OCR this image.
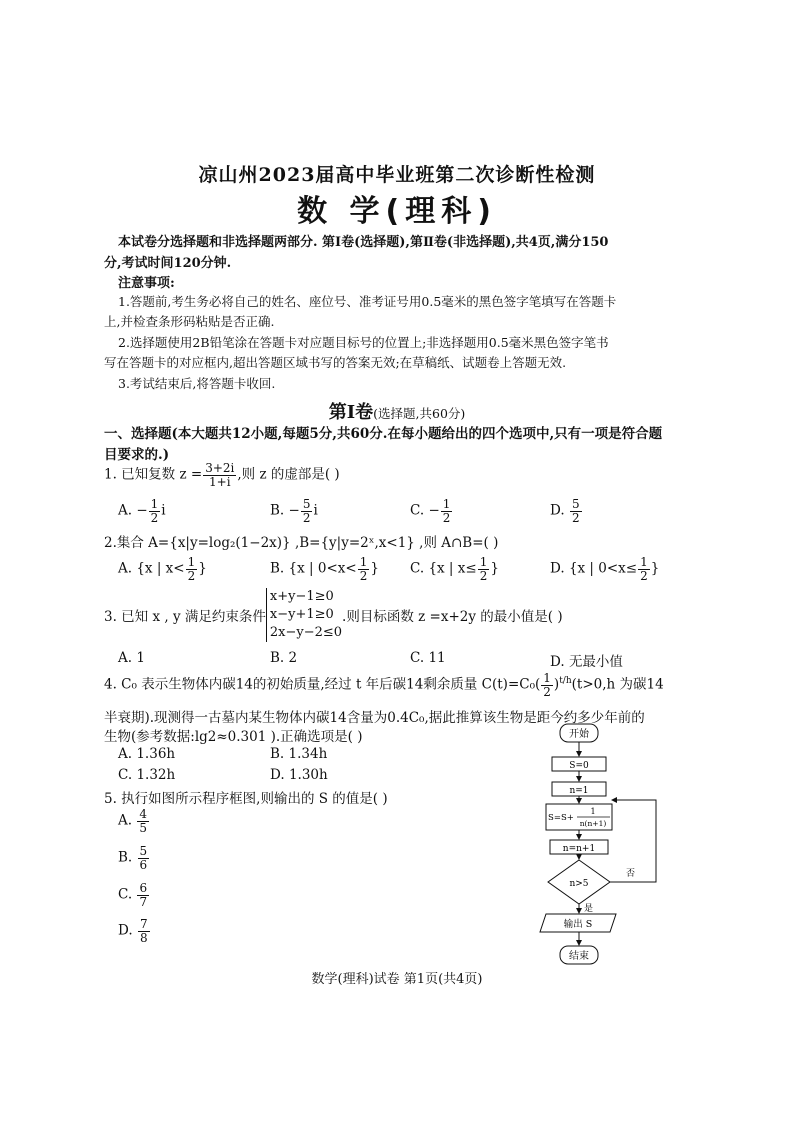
凉山州2023届高中毕业班第二次诊断性检测
数 学(理科)
本试卷分选择题和非选择题两部分. 第Ⅰ卷(选择题),第Ⅱ卷(非选择题),共4页,满分150
分,考试时间120分钟.
注意事项:
1.答题前,考生务必将自己的姓名、座位号、准考证号用0.5毫米的黑色签字笔填写在答题卡
上,并检查条形码粘贴是否正确.
2.选择题使用2B铅笔涂在答题卡对应题目标号的位置上;非选择题用0.5毫米黑色签字笔书
写在答题卡的对应框内,超出答题区域书写的答案无效;在草稿纸、试题卷上答题无效.
3.考试结束后,将答题卡收回.
第Ⅰ卷(选择题,共60分)
一、选择题(本大题共12小题,每题5分,共60分.在每小题给出的四个选项中,只有一项是符合题
目要求的.)
1. 已知复数 $z = \frac{3+2i}{1+i}$ ,则 z 的虚部是( )
A. − $\frac{1}{2}$ i	B. − $\frac{5}{2}$ i	C. − $\frac{1}{2}$	D. $\frac{5}{2}$
2.集合 A={x|y=log₂(1−2x)} ,B={y|y=2ˣ,x<1} ,则 A∩B=( )
A. {x | $x< \frac{1}{2}$ }	B. {x | $0<x< \frac{1}{2}$ } C. {x | $x\le \frac{1}{2}$ }	D. {x | $0<x\le \frac{1}{2}$ }
3. 已知 x , y 满足约束条件
x+y−1≥0
x−y+1≥0
2x−y−2≤0
.则目标函数 z =x+2y 的最小值是( )
A. 1	B. 2	C. 11	D. 无最小值
4. C₀ 表示生物体内碳14的初始质量,经过 t 年后碳14剩余质量 $C(t)=C_0( \frac{1}{2} )^{t/h}(t>0,h$ 为碳14
半衰期).现测得一古墓内某生物体内碳14含量为0.4C₀,据此推算该生物是距今约多少年前的
生物(参考数据:lg2≈0.301 ).正确选项是( )
A. 1.36h	B. 1.34h
C. 1.32h	D. 1.30h
5. 执行如图所示程序框图,则输出的 S 的值是( )
A. $\frac{4}{5}$
B. $\frac{5}{6}$
C. $\frac{6}{7}$
D. $\frac{7}{8}$
开始
S=0
n=1
S=S+
1
n(n+1)
n=n+1
n>5
否
是
输出 S
结束
数学(理科)试卷 第1页(共4页)
